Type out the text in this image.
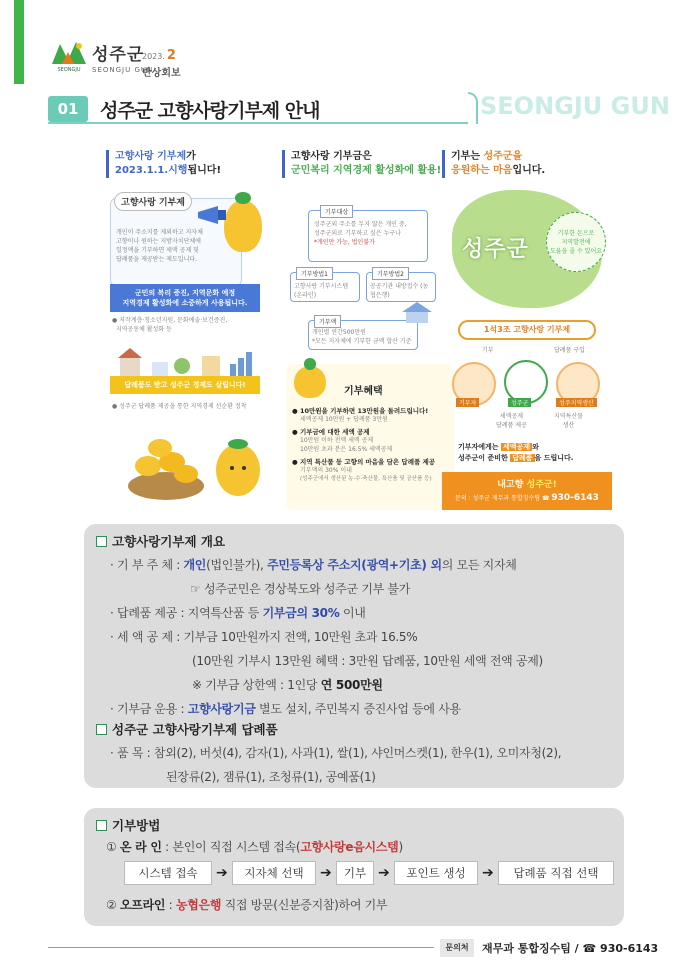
SEONGJU
성주군
SEONGJU GUN
2023. 2
반상회보
01	성주군 고향사랑기부제 안내	SEONGJU GUN
고향사랑 기부제가
2023.1.1.시행됩니다!
고향사랑 기부제
개인이 주소지를 제외하고 지자체
고향이나 원하는 지방자치단체에
일정액을 기부하면 세액 공제 및
답례품을 제공받는 제도입니다.
군민의 복리 증진, 지역문화 예정
지역경제 활성화에 소중하게 사용됩니다.
● 저작계층·청소년지원, 문화예술·보건증진,
지역공동체 활성화 등
답례품도 받고 성주군 경제도 살립니다!
● 성주군 답례품 제공을 통한 지역경제 선순환 정착
고향사랑 기부금은
군민복리 지역경제 활성화에 활용!
기부대상
성주군외 주소를 두지 않은 개인 중,
성주군외로 기부하고 싶은 누구나
*개인만 가능, 법인불가
기부방법1
고향사랑 기부시스템 (온라인)
기부방법2
공공기관 내방접수 (농협은행)
기부액
개인별 연간500만원
*모든 지자체에 기부한 금액 합산 기준
기부혜택
● 10만원을 기부하면 13만원을 돌려드립니다!
세액공제 10만원 + 답례품 3만원
● 기부금에 대한 세액 공제
10만원 이하 전액 세액 공제
10만원 초과 분은 16.5% 세액공제
● 지역 특산품 등 고향의 마음을 담은 답례품 제공
기부액의 30% 이내
(성주군에서 생산된 농·수·축산물, 특산품 및 공산품 등)
기부는 성주군을
응원하는 마음입니다.
성주군
기부한 돈으로
지역발전에
도움을 줄 수 있어요
1석3조 고향사랑 기부제
기부	답례품 구입
기부자	성주군	성주지역생산
세액공제
답례품 제공
지역특산물
생산
기부자에게는 세액공제 와
성주군이 준비한 답례품 을 드립니다.
내고향 성주군!
문의 : 성주군 재무과 통합징수팀 ☎ 930-6143
고향사랑기부제 개요
· 기 부 주 체 : 개인(법인불가), 주민등록상 주소지(광역+기초) 외의 모든 지자체
☞ 성주군민은 경상북도와 성주군 기부 불가
· 답례품 제공 : 지역특산품 등 기부금의 30% 이내
· 세 액 공 제 : 기부금 10만원까지 전액, 10만원 초과 16.5%
(10만원 기부시 13만원 혜택 : 3만원 답례품, 10만원 세액 전액 공제)
※ 기부금 상한액 : 1인당 연 500만원
· 기부금 운용 : 고향사랑기금 별도 설치, 주민복지 증진사업 등에 사용
성주군 고향사랑기부제 답례품
· 품 목 : 참외(2), 버섯(4), 감자(1), 사과(1), 쌀(1), 샤인머스켓(1), 한우(1), 오미자청(2),
된장류(2), 잼류(1), 조청류(1), 공예품(1)
기부방법
① 온 라 인 : 본인이 직접 시스템 접속(고향사랑e음시스템)
시스템 접속	➔	지자체 선택	➔	기부 ➔	포인트 생성	➔	답례품 직접 선택
② 오프라인 : 농협은행 직접 방문(신분증지참)하여 기부
문의처	재무과 통합징수팀 / ☎ 930-6143
